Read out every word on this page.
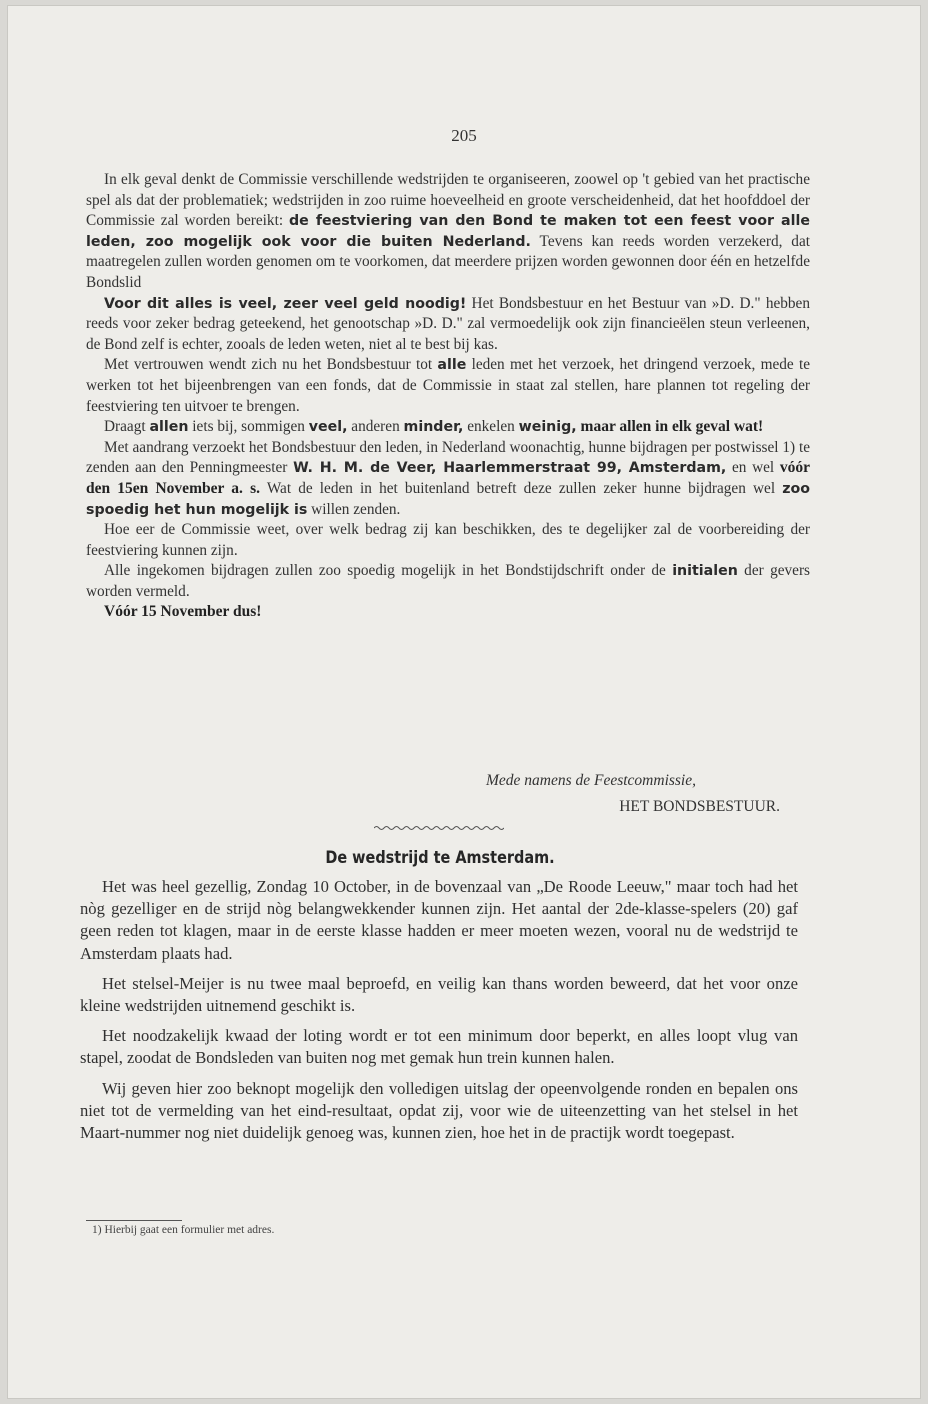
205

In elk geval denkt de Commissie verschillende wedstrijden te organiseeren, zoowel op 't gebied van het practische spel als dat der problematiek; wedstrijden in zoo ruime hoeveelheid en groote verscheidenheid, dat het hoofddoel der Commissie zal worden bereikt: de feestviering van den Bond te maken tot een feest voor alle leden, zoo mogelijk ook voor die buiten Nederland. Tevens kan reeds worden verzekerd, dat maatregelen zullen worden genomen om te voorkomen, dat meerdere prijzen worden gewonnen door één en hetzelfde Bondslid

Voor dit alles is veel, zeer veel geld noodig! Het Bondsbestuur en het Bestuur van »D. D." hebben reeds voor zeker bedrag geteekend, het genootschap »D. D." zal vermoedelijk ook zijn financieëlen steun verleenen, de Bond zelf is echter, zooals de leden weten, niet al te best bij kas.

Met vertrouwen wendt zich nu het Bondsbestuur tot alle leden met het verzoek, het dringend verzoek, mede te werken tot het bijeenbrengen van een fonds, dat de Commissie in staat zal stellen, hare plannen tot regeling der feestviering ten uitvoer te brengen.

Draagt allen iets bij, sommigen veel, anderen minder, enkelen weinig, maar allen in elk geval wat!

Met aandrang verzoekt het Bondsbestuur den leden, in Nederland woonachtig, hunne bijdragen per postwissel 1) te zenden aan den Penningmeester W. H. M. de Veer, Haarlemmerstraat 99, Amsterdam, en wel vóór den 15en November a. s. Wat de leden in het buitenland betreft deze zullen zeker hunne bijdragen wel zoo spoedig het hun mogelijk is willen zenden.

Hoe eer de Commissie weet, over welk bedrag zij kan beschikken, des te degelijker zal de voorbereiding der feestviering kunnen zijn.

Alle ingekomen bijdragen zullen zoo spoedig mogelijk in het Bondstijdschrift onder de initialen der gevers worden vermeld.

Vóór 15 November dus!

Mede namens de Feestcommissie,
HET BONDSBESTUUR.
De wedstrijd te Amsterdam.

Het was heel gezellig, Zondag 10 October, in de bovenzaal van „De Roode Leeuw," maar toch had het nòg gezelliger en de strijd nòg belangwekkender kunnen zijn. Het aantal der 2de-klasse-spelers (20) gaf geen reden tot klagen, maar in de eerste klasse hadden er meer moeten wezen, vooral nu de wedstrijd te Amsterdam plaats had.

Het stelsel-Meijer is nu twee maal beproefd, en veilig kan thans worden beweerd, dat het voor onze kleine wedstrijden uitnemend geschikt is.

Het noodzakelijk kwaad der loting wordt er tot een minimum door beperkt, en alles loopt vlug van stapel, zoodat de Bondsleden van buiten nog met gemak hun trein kunnen halen.

Wij geven hier zoo beknopt mogelijk den volledigen uitslag der opeenvolgende ronden en bepalen ons niet tot de vermelding van het eind-resultaat, opdat zij, voor wie de uiteenzetting van het stelsel in het Maart-nummer nog niet duidelijk genoeg was, kunnen zien, hoe het in de practijk wordt toegepast.

1) Hierbij gaat een formulier met adres.
